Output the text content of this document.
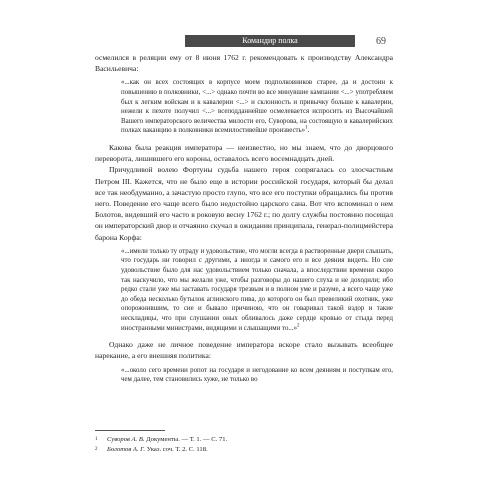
Командир полка	69

осмелился в реляции ему от 8 июня 1762 г. рекомендовать к производству Александра Васильевича:

«...как он всех состоящих в корпусе моем подполковников старее, да и достоин к повышению в полковники, <...> однако почти во все минувшие кампании <...> употребляем был к легким войскам и к кавалерии <...> и склонность и привычку больше к кавалерии, нежели к пехоте получил <...> всеподданнейше осмелевается испросить из Высочайшей Вашего императорского величества милости его, Суворова, на состоящую в кавалерийских полках ваканцию в полковники всемилостивейше произвесть»$^1$.

Какова была реакция императора — неизвестно, но мы знаем, что до дворцового переворота, лишившего его короны, оставалось всего восемнадцать дней.

Причудливой волею Фортуны судьба нашего героя сопрягалась со злосчастным Петром III. Кажется, что не было еще в истории российской государя, который бы делал все так необдуманно, а зачастую просто глупо, что все его поступки обращались бы против него. Поведение его чаще всего было недостойно царского сана. Вот что вспоминал о нем Болотов, видевший его часто в роковую весну 1762 г.; по долгу службы постоянно посещал он императорский двор и отчаянно скучал в ожидании принципала, генерал-полицмейстера барона Корфа:

«...имели только ту отраду и удовольствие, что могли всегда в растворенные двери слышать, что государь ни говорил с другими, а иногда и самого его и все деяния видеть. Но сие удовольствие было для нас удовольствием только сначала, а впоследствии времени скоро так наскучило, что мы желали уже, чтобы разговоры до нашего слуха и не доходили; ибо редко стали уже мы заставать государя трезвым и в полном уме и разуме, а всего чаще уже до обеда несколько бутылок аглинского пива, до которого он был превеликий охотник, уже опорожнившим, то сие и бывало причиною, что он говаривал такой вздор и такие нескладицы, что при слушании оных обливалось даже сердце кровью от стыда перед иностранными министрами, видящими и слышащими то...»$^2$

Однако даже не личное поведение императора вскоре стало вызывать всеобщее нарекание, а его внешняя политика:

«...около сего времени ропот на государя и негодование ко всем деяниям и поступкам его, чем далее, тем становились хуже, не только во

1 Суворов А. В. Документы. — Т. 1. — С. 71.

2 Болотов А. Г. Указ. соч. Т. 2. С. 118.
